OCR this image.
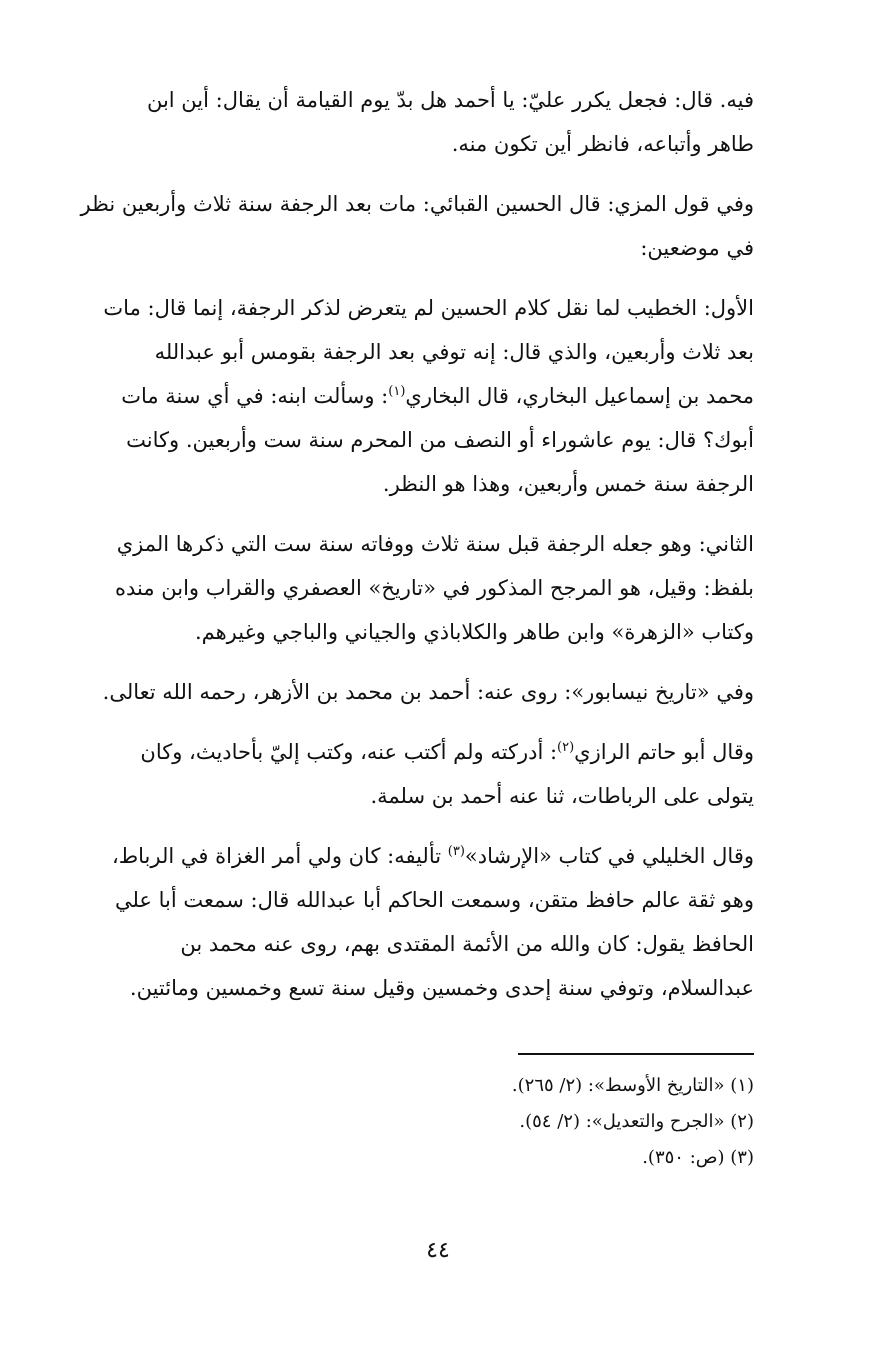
فيه. قال: فجعل يكرر عليّ: يا أحمد هل بدّ يوم القيامة أن يقال: أين ابن
طاهر وأتباعه، فانظر أين تكون منه.

وفي قول المزي: قال الحسين القبائي: مات بعد الرجفة سنة ثلاث وأربعين نظر
في موضعين:

الأول: الخطيب لما نقل كلام الحسين لم يتعرض لذكر الرجفة، إنما قال: مات
بعد ثلاث وأربعين، والذي قال: إنه توفي بعد الرجفة بقومس أبو عبدالله
محمد بن إسماعيل البخاري، قال البخاري$^{(١)}$: وسألت ابنه: في أي سنة مات
أبوك؟ قال: يوم عاشوراء أو النصف من المحرم سنة ست وأربعين. وكانت
الرجفة سنة خمس وأربعين، وهذا هو النظر.

الثاني: وهو جعله الرجفة قبل سنة ثلاث ووفاته سنة ست التي ذكرها المزي
بلفظ: وقيل، هو المرجح المذكور في «تاريخ» العصفري والقراب وابن منده
وكتاب «الزهرة» وابن طاهر والكلاباذي والجياني والباجي وغيرهم.

وفي «تاريخ نيسابور»: روى عنه: أحمد بن محمد بن الأزهر، رحمه الله تعالى.

وقال أبو حاتم الرازي$^{(٢)}$: أدركته ولم أكتب عنه، وكتب إليّ بأحاديث، وكان
يتولى على الرباطات، ثنا عنه أحمد بن سلمة.

وقال الخليلي في كتاب «الإرشاد»$^{(٣)}$ تأليفه: كان ولي أمر الغزاة في الرباط،
وهو ثقة عالم حافظ متقن، وسمعت الحاكم أبا عبدالله قال: سمعت أبا علي
الحافظ يقول: كان والله من الأئمة المقتدى بهم، روى عنه محمد بن
عبدالسلام، وتوفي سنة إحدى وخمسين وقيل سنة تسع وخمسين ومائتين.

(١) «التاريخ الأوسط»: (٢/ ٢٦٥).
(٢) «الجرح والتعديل»: (٢/ ٥٤).
(٣) (ص: ٣٥٠).
٤٤
